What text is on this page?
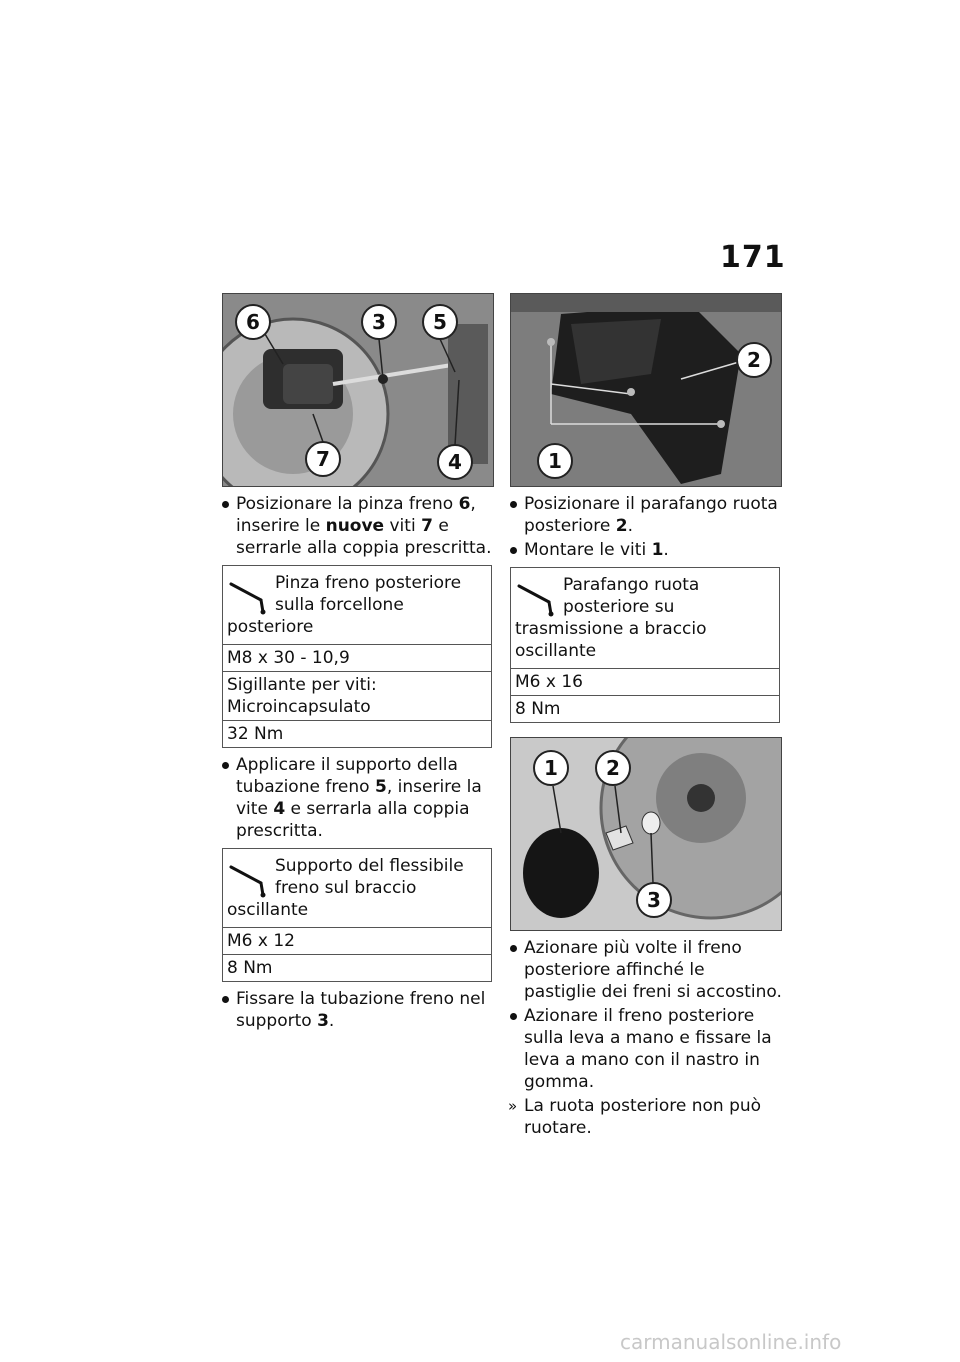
171
6	3 5
7	4
Posizionare la pinza freno 6, inserire le nuove viti 7 e serrarle alla coppia prescritta.
Pinza freno posteriore sulla forcellone posteriore
M8 x 30 - 10,9
Sigillante per viti: Microincapsulato
32 Nm
Applicare il supporto della tubazione freno 5, inserire la vite 4 e serrarla alla coppia prescritta.
Supporto del flessibile freno sul braccio oscillante
M6 x 12
8 Nm
Fissare la tubazione freno nel supporto 3.
2
1
Posizionare il parafango ruota posteriore 2.
Montare le viti 1.
Parafango ruota posteriore su trasmissione a braccio oscillante
M6 x 16
8 Nm
1 2
3
Azionare più volte il freno posteriore affinché le pastiglie dei freni si accostino.
Azionare il freno posteriore sulla leva a mano e fissare la leva a mano con il nastro in gomma.
» La ruota posteriore non può ruotare.
carmanualsonline.info
